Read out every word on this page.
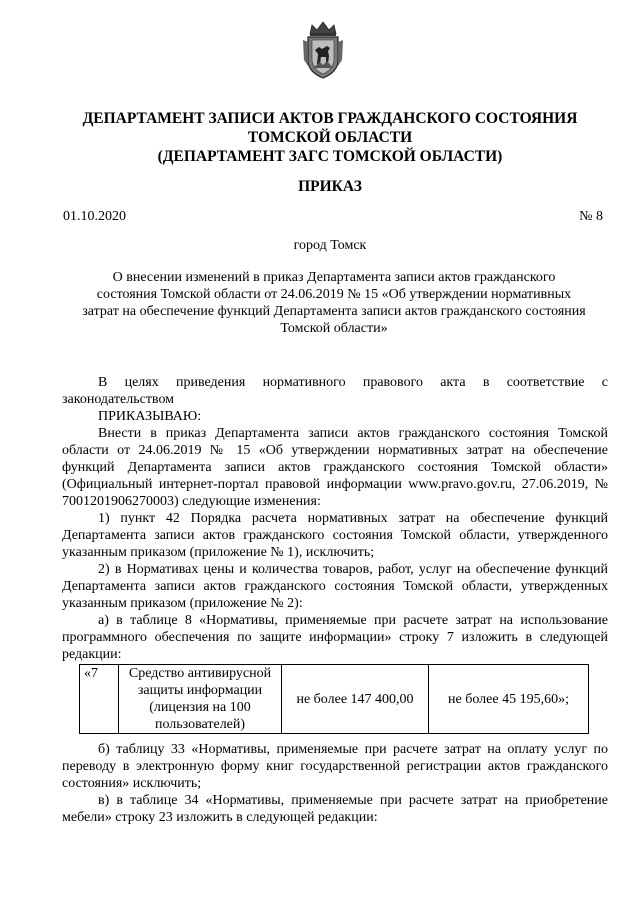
ДЕПАРТАМЕНТ ЗАПИСИ АКТОВ ГРАЖДАНСКОГО СОСТОЯНИЯ
ТОМСКОЙ ОБЛАСТИ
(ДЕПАРТАМЕНТ ЗАГС ТОМСКОЙ ОБЛАСТИ)
ПРИКАЗ
01.10.2020	№ 8
город Томск
О внесении изменений в приказ Департамента записи актов гражданского
состояния Томской области от 24.06.2019 № 15 «Об утверждении нормативных
затрат на обеспечение функций Департамента записи актов гражданского состояния
Томской области»

В целях приведения нормативного правового акта в соответствие с законодательством

ПРИКАЗЫВАЮ:

Внести в приказ Департамента записи актов гражданского состояния Томской области от 24.06.2019 № 15 «Об утверждении нормативных затрат на обеспечение функций Департамента записи актов гражданского состояния Томской области» (Официальный интернет-портал правовой информации www.pravo.gov.ru, 27.06.2019, № 7001201906270003) следующие изменения:

1) пункт 42 Порядка расчета нормативных затрат на обеспечение функций Департамента записи актов гражданского состояния Томской области, утвержденного указанным приказом (приложение № 1), исключить;

2) в Нормативах цены и количества товаров, работ, услуг на обеспечение функций Департамента записи актов гражданского состояния Томской области, утвержденных указанным приказом (приложение № 2):

а) в таблице 8 «Нормативы, применяемые при расчете затрат на использование программного обеспечения по защите информации» строку 7 изложить в следующей редакции:

«7	Средство антивирусной защиты информации (лицензия на 100 пользователей)	не более 147 400,00	не более 45 195,60»;

б) таблицу 33 «Нормативы, применяемые при расчете затрат на оплату услуг по переводу в электронную форму книг государственной регистрации актов гражданского состояния» исключить;

в) в таблице 34 «Нормативы, применяемые при расчете затрат на приобретение мебели» строку 23 изложить в следующей редакции:
